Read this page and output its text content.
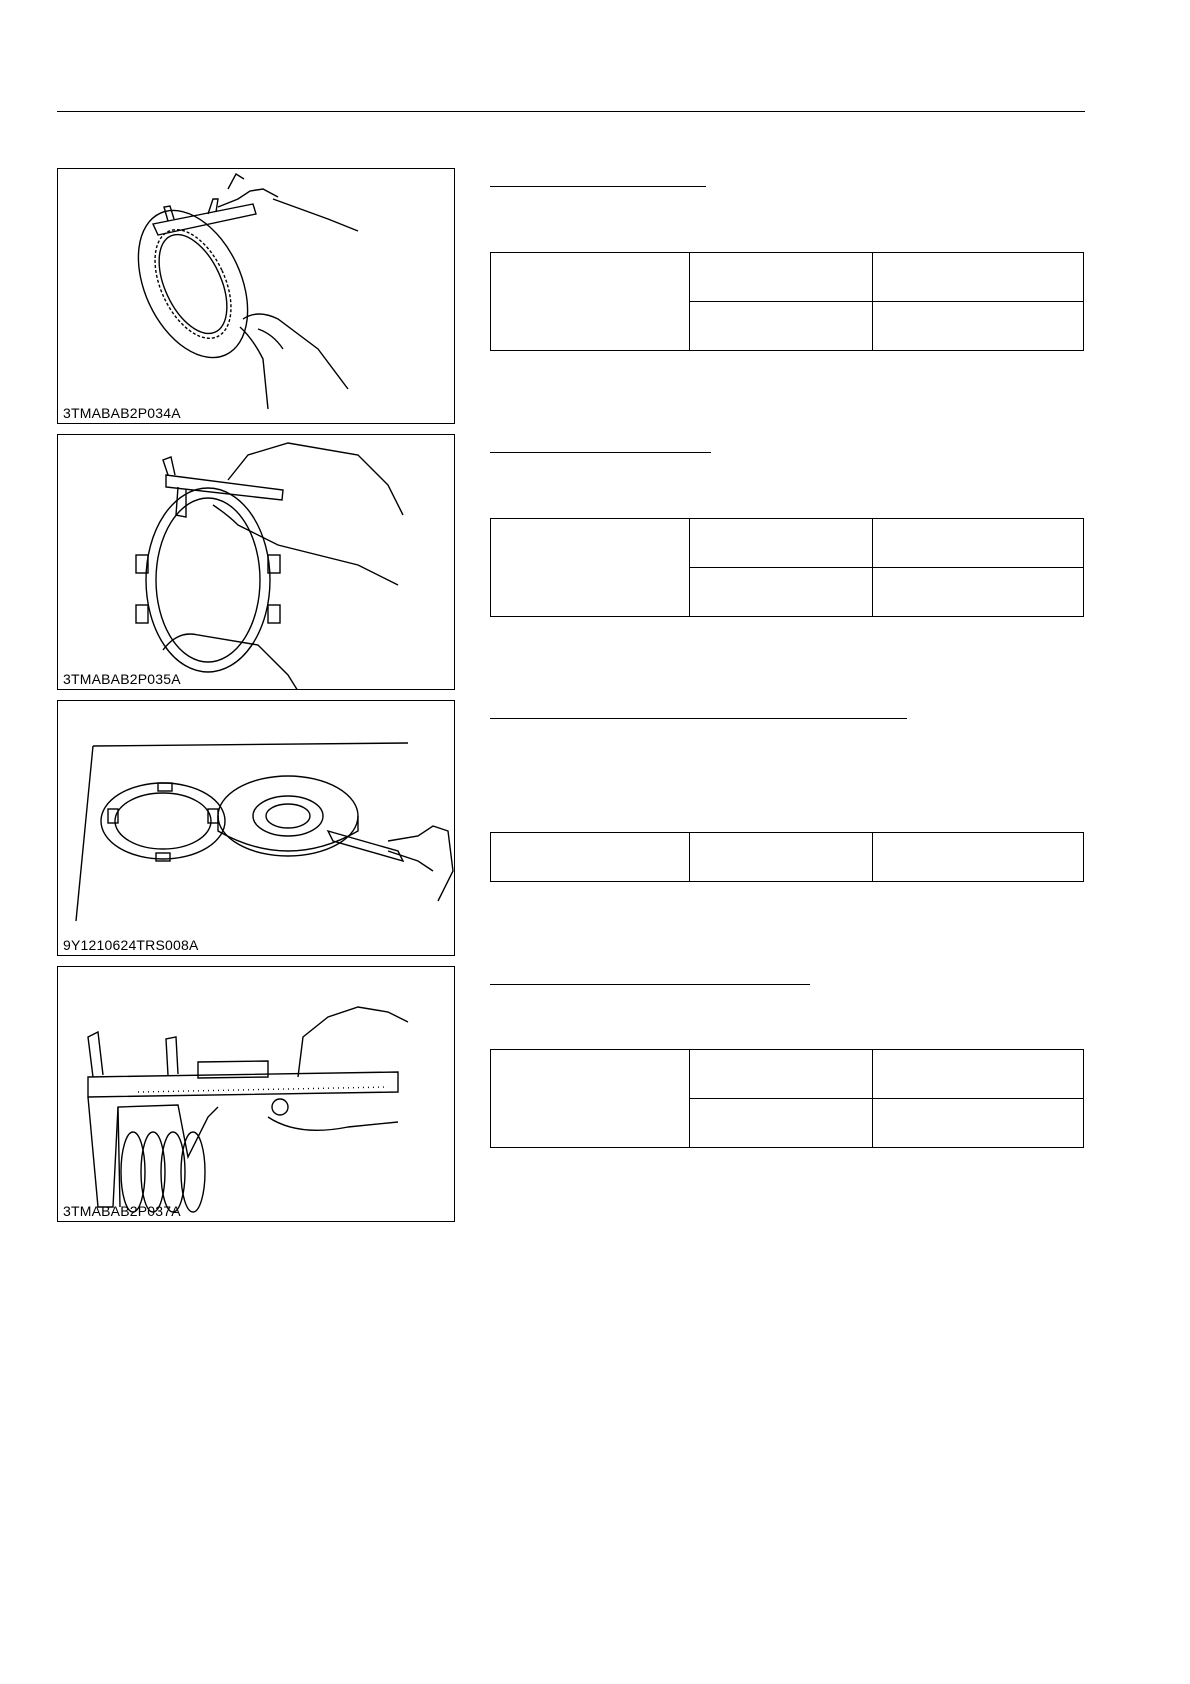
3TMABAB2P034A
3TMABAB2P035A
9Y1210624TRS008A
3TMABAB2P037A
